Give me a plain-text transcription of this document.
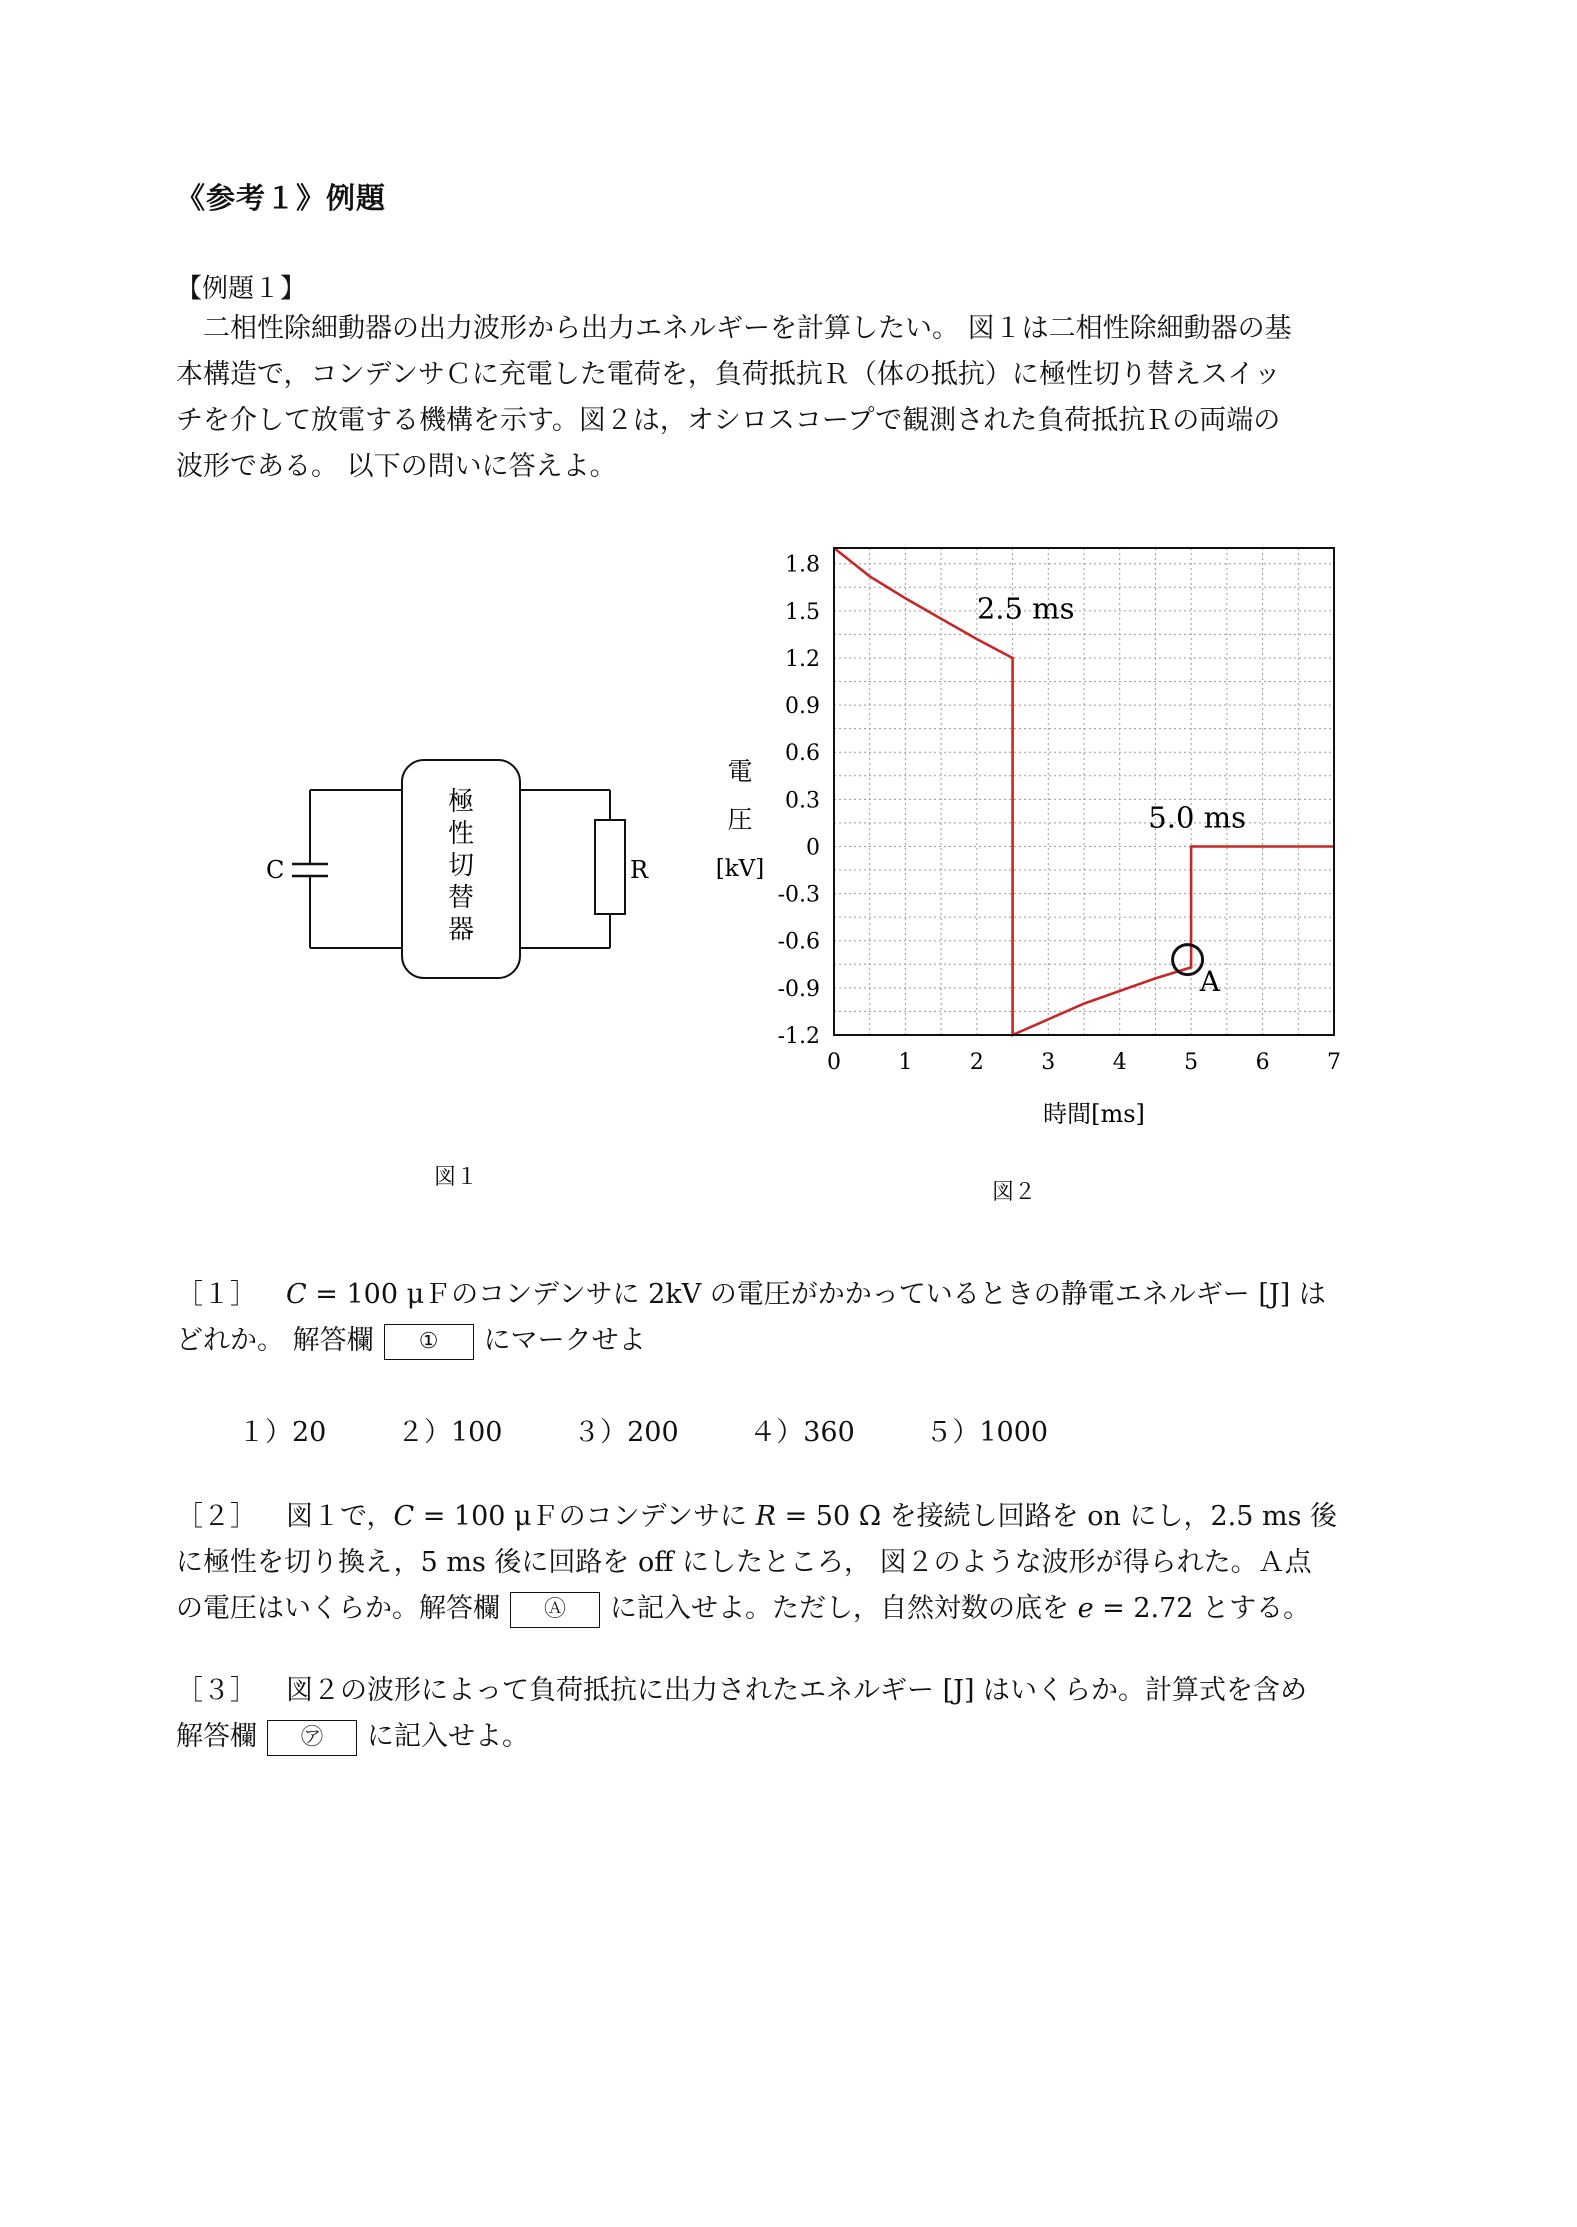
《参考１》例題
【例題１】
　二相性除細動器の出力波形から出力エネルギーを計算したい。 図１は二相性除細動器の基
本構造で，コンデンサＣに充電した電荷を，負荷抵抗Ｒ（体の抵抗）に極性切り替えスイッ
チを介して放電する機構を示す。図２は，オシロスコープで観測された負荷抵抗Ｒの両端の
波形である。 以下の問いに答えよ。
C	R
極
性
切
替
器
図１
1.8
1.5
1.2
0.9
0.6
0.3
0
-0.3
-0.6
-0.9
-1.2
0	1	2	3	4	5	6	7
2.5 ms
5.0 ms
A
電
圧
[kV]
時間[ms]
図２
［１］ C = 100 μＦのコンデンサに 2kV の電圧がかかっているときの静電エネルギー [J] は
どれか。 解答欄 ① にマークせよ
１）20	２）100	３）200	４）360	５）1000
［２］ 図１で，C = 100 μＦのコンデンサに R = 50 Ω を接続し回路を on にし，2.5 ms 後
に極性を切り換え，5 ms 後に回路を off にしたところ， 図２のような波形が得られた。Ａ点
の電圧はいくらか。解答欄 Ⓐ に記入せよ。ただし，自然対数の底を e = 2.72 とする。
［３］ 図２の波形によって負荷抵抗に出力されたエネルギー [J] はいくらか。計算式を含め
解答欄 ㋐ に記入せよ。
